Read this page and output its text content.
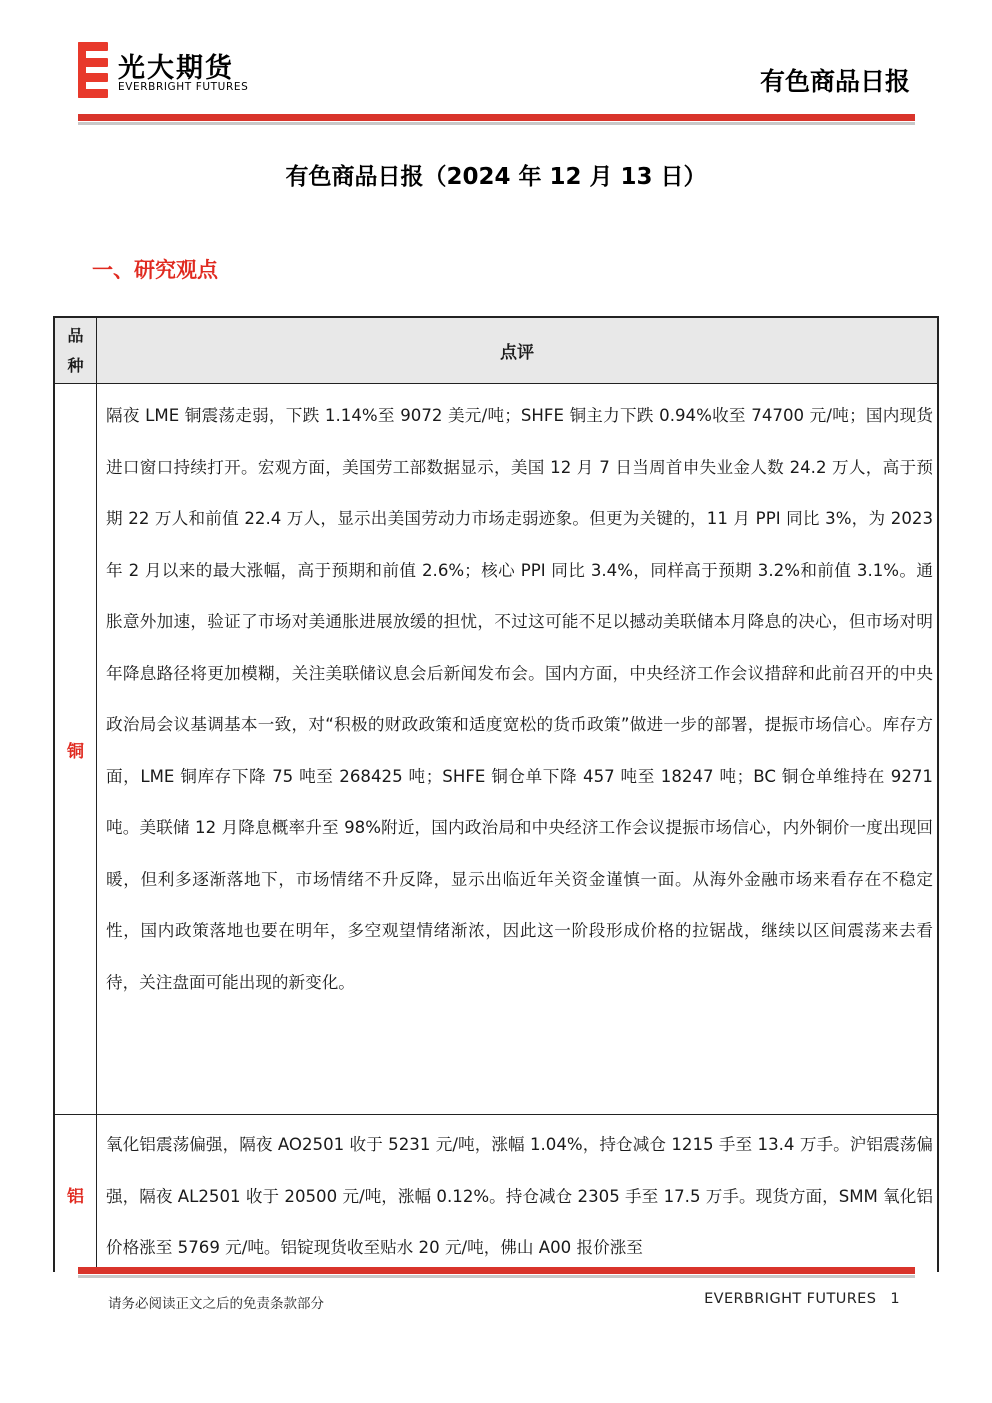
光大期货
EVERBRIGHT FUTURES	有色商品日报
有色商品日报（2024 年 12 月 13 日）
一、研究观点
品种
点评
铜
隔夜 LME 铜震荡走弱，下跌 1.14%至 9072 美元/吨；SHFE 铜主力下跌 0.94%收至 74700 元/吨；国内现货进口窗口持续打开。宏观方面，美国劳工部数据显示，美国 12 月 7 日当周首申失业金人数 24.2 万人，高于预期 22 万人和前值 22.4 万人，显示出美国劳动力市场走弱迹象。但更为关键的，11 月 PPI 同比 3%，为 2023 年 2 月以来的最大涨幅，高于预期和前值 2.6%；核心 PPI 同比 3.4%，同样高于预期 3.2%和前值 3.1%。通胀意外加速，验证了市场对美通胀进展放缓的担忧，不过这可能不足以撼动美联储本月降息的决心，但市场对明年降息路径将更加模糊，关注美联储议息会后新闻发布会。国内方面，中央经济工作会议措辞和此前召开的中央政治局会议基调基本一致，对“积极的财政政策和适度宽松的货币政策”做进一步的部署，提振市场信心。库存方面，LME 铜库存下降 75 吨至 268425 吨；SHFE 铜仓单下降 457 吨至 18247 吨；BC 铜仓单维持在 9271 吨。美联储 12 月降息概率升至 98%附近，国内政治局和中央经济工作会议提振市场信心，内外铜价一度出现回暖，但利多逐渐落地下，市场情绪不升反降，显示出临近年关资金谨慎一面。从海外金融市场来看存在不稳定性，国内政策落地也要在明年，多空观望情绪渐浓，因此这一阶段形成价格的拉锯战，继续以区间震荡来去看待，关注盘面可能出现的新变化。
铝
氧化铝震荡偏强，隔夜 AO2501 收于 5231 元/吨，涨幅 1.04%，持仓减仓 1215 手至 13.4 万手。沪铝震荡偏强，隔夜 AL2501 收于 20500 元/吨，涨幅 0.12%。持仓减仓 2305 手至 17.5 万手。现货方面，SMM 氧化铝价格涨至 5769 元/吨。铝锭现货收至贴水 20 元/吨，佛山 A00 报价涨至
请务必阅读正文之后的免责条款部分	EVERBRIGHT FUTURES 1
